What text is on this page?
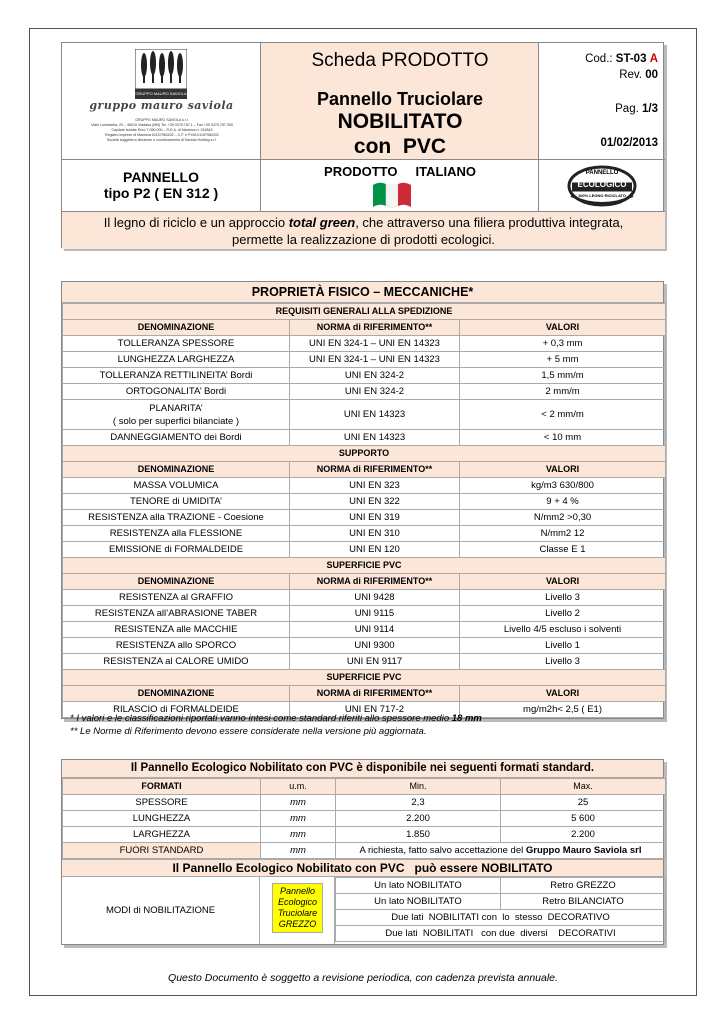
GRUPPO MAURO SAVIOLA
gruppo mauro saviola
GRUPPO MAURO SAVIOLA s.r.l.
Viale Lombardia, 29 – 46019 Viadana (MN) Tel. +39 0375.787.1 – Fax +39 0375.787.300
Capitale sociale Euro 7.050.000 – R.E.A. di Mantova n. 242843
Registro Imprese di Mantova 01157980202 – C.F. e P.IVA 01157980202
Società soggetta a direzione e coordinamento di Saviola Holding s.r.l.
Scheda PRODOTTO
Pannello Truciolare
NOBILITATO
con  PVC
Cod.: ST-03 A
Rev. 00
Pag. 1/3
01/02/2013
PANNELLO
tipo P2 ( EN 312 )
PRODOTTO     ITALIANO	PANNELLO
ECOLOGICO
100% LEGNO RICICLATO
Il legno di riciclo e un approccio total green, che attraverso una filiera produttiva integrata,
permette la realizzazione di prodotti ecologici.
PROPRIETÀ FISICO – MECCANICHE*
REQUISITI GENERALI ALLA SPEDIZIONE		
DENOMINAZIONE	NORMA di RIFERIMENTO**	VALORI
TOLLERANZA SPESSORE	UNI EN 324-1 – UNI EN 14323	+ 0,3 mm
LUNGHEZZA LARGHEZZA	UNI EN 324-1 – UNI EN 14323	+ 5 mm
TOLLERANZA RETTILINEITA’ Bordi	UNI EN 324-2	1,5 mm/m
ORTOGONALITA’ Bordi	UNI EN 324-2	2 mm/m

PLANARITA’
( solo per superfici bilanciate )	UNI EN 14323	< 2 mm/m
DANNEGGIAMENTO dei Bordi	UNI EN 14323	< 10 mm
SUPPORTO		
DENOMINAZIONE	NORMA di RIFERIMENTO**	VALORI
MASSA VOLUMICA	UNI EN 323	kg/m3 630/800
TENORE di UMIDITA’	UNI EN 322	9 + 4 %
RESISTENZA alla TRAZIONE - Coesione	UNI EN 319	N/mm2 >0,30
RESISTENZA alla FLESSIONE	UNI EN 310	N/mm2 12
EMISSIONE di FORMALDEIDE	UNI EN 120	Classe E 1
SUPERFICIE PVC		
DENOMINAZIONE	NORMA di RIFERIMENTO**	VALORI
RESISTENZA al GRAFFIO	UNI 9428	Livello 3
RESISTENZA all’ABRASIONE TABER	UNI 9115	Livello 2
RESISTENZA alle MACCHIE	UNI 9114	Livello 4/5 escluso i solventi
RESISTENZA allo SPORCO	UNI 9300	Livello 1
RESISTENZA al CALORE UMIDO	UNI EN 9117	Livello 3
SUPERFICIE PVC		
DENOMINAZIONE	NORMA di RIFERIMENTO**	VALORI
RILASCIO di FORMALDEIDE	UNI EN 717-2	mg/m2h< 2,5 ( E1)
* I valori e le classificazioni riportati vanno intesi come standard riferiti allo spessore medio 18 mm
** Le Norme di Riferimento devono essere considerate nella versione più aggiornata.
Il Pannello Ecologico Nobilitato con PVC è disponibile nei seguenti formati standard.
FORMATI	u.m.	Min.	Max.
SPESSORE	mm	2,3	25
LUNGHEZZA	mm	2.200	5 600
LARGHEZZA	mm	1.850	2.200
FUORI STANDARD	mm	A richiesta, fatto salvo accettazione del Gruppo Mauro Saviola srl	
Il Pannello Ecologico Nobilitato con PVC   può essere NOBILITATO
MODI di NOBILITAZIONE
Pannello
Ecologico
Truciolare
GREZZO
Un lato NOBILITATO	Retro GREZZO
Un lato NOBILITATO	Retro BILANCIATO
Due lati  NOBILITATI con  lo  stesso  DECORATIVO	
Due lati  NOBILITATI   con due  diversi    DECORATIVI	
Questo Documento è soggetto a revisione periodica, con cadenza prevista annuale.
